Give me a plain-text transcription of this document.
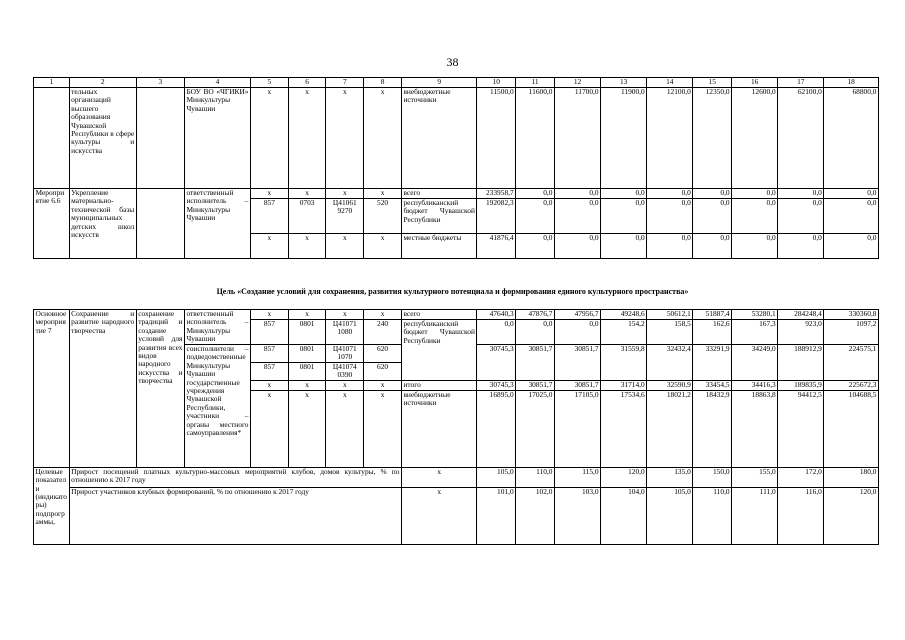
38
1	2	3	4	5	6	7	8	9	10	11	12	13	14	15	16	17	18
	тельных организаций высшего образования Чувашской Республики в сфере культуры и искусства		БОУ ВО «ЧГИКИ» Минкультуры Чувашии	x	x	x	x	внебюджетные источники	11500,0	11600,0	11700,0	11900,0	12100,0	12350,0	12600,0	62100,0	68800,0
Мероприятие 6.6	Укрепление материально-технической базы муниципальных детских школ искусств		ответственный исполнитель – Минкультуры Чувашии	x	x	x	x	всего	233958,7	0,0	0,0	0,0	0,0	0,0	0,0	0,0	0,0
				857	0703	Ц41061 9270	520	республиканский бюджет Чувашской Республики	192082,3	0,0	0,0	0,0	0,0	0,0	0,0	0,0	0,0
				x	x	x	x	местные бюджеты	41876,4	0,0	0,0	0,0	0,0	0,0	0,0	0,0	0,0
Цель «Создание условий для сохранения, развития культурного потенциала и формирования единого культурного пространства»
Основное мероприятие 7	Сохранение и развитие народного творчества	сохранение традиций и создание условий для развития всех видов народного искусства и творчества	ответственный исполнитель – Минкультуры Чувашии	x	x	x	x	всего	47640,3	47876,7	47956,7	49248,6	50612,1	51887,4	53280,1	284248,4	330360,8
				857	0801	Ц41071 1080	240	республиканский бюджет Чувашской Республики	0,0	0,0	0,0	154,2	158,5	162,6	167,3	923,0	1097,2
			соисполнители – подведомственные Минкультуры Чувашии государственные учреждения Чувашской Республики, участники – органы местного самоуправления*	857	0801	Ц41071 1070	620		30745,3	30851,7	30851,7	31559,8	32432,4	33291,9	34249,0	188912,9	224575,1
				857	0801	Ц41074 0390	620										
				x	x	x	x	итого	30745,3	30851,7	30851,7	31714,0	32590,9	33454,5	34416,3	189835,9	225672,3
				x	x	x	x	внебюджетные источники	16895,0	17025,0	17105,0	17534,6	18021,2	18432,9	18863,8	94412,5	104688,5
Целевые показатели (индикаторы) подпрограммы,	Прирост посещений платных культурно-массовых мероприятий клубов, домов культуры, % по отношению к 2017 году							x	105,0	110,0	115,0	120,0	135,0	150,0	155,0	172,0	180,0
	Прирост участников клубных формирований, % по отношению к 2017 году							x	101,0	102,0	103,0	104,0	105,0	110,0	111,0	116,0	120,0
